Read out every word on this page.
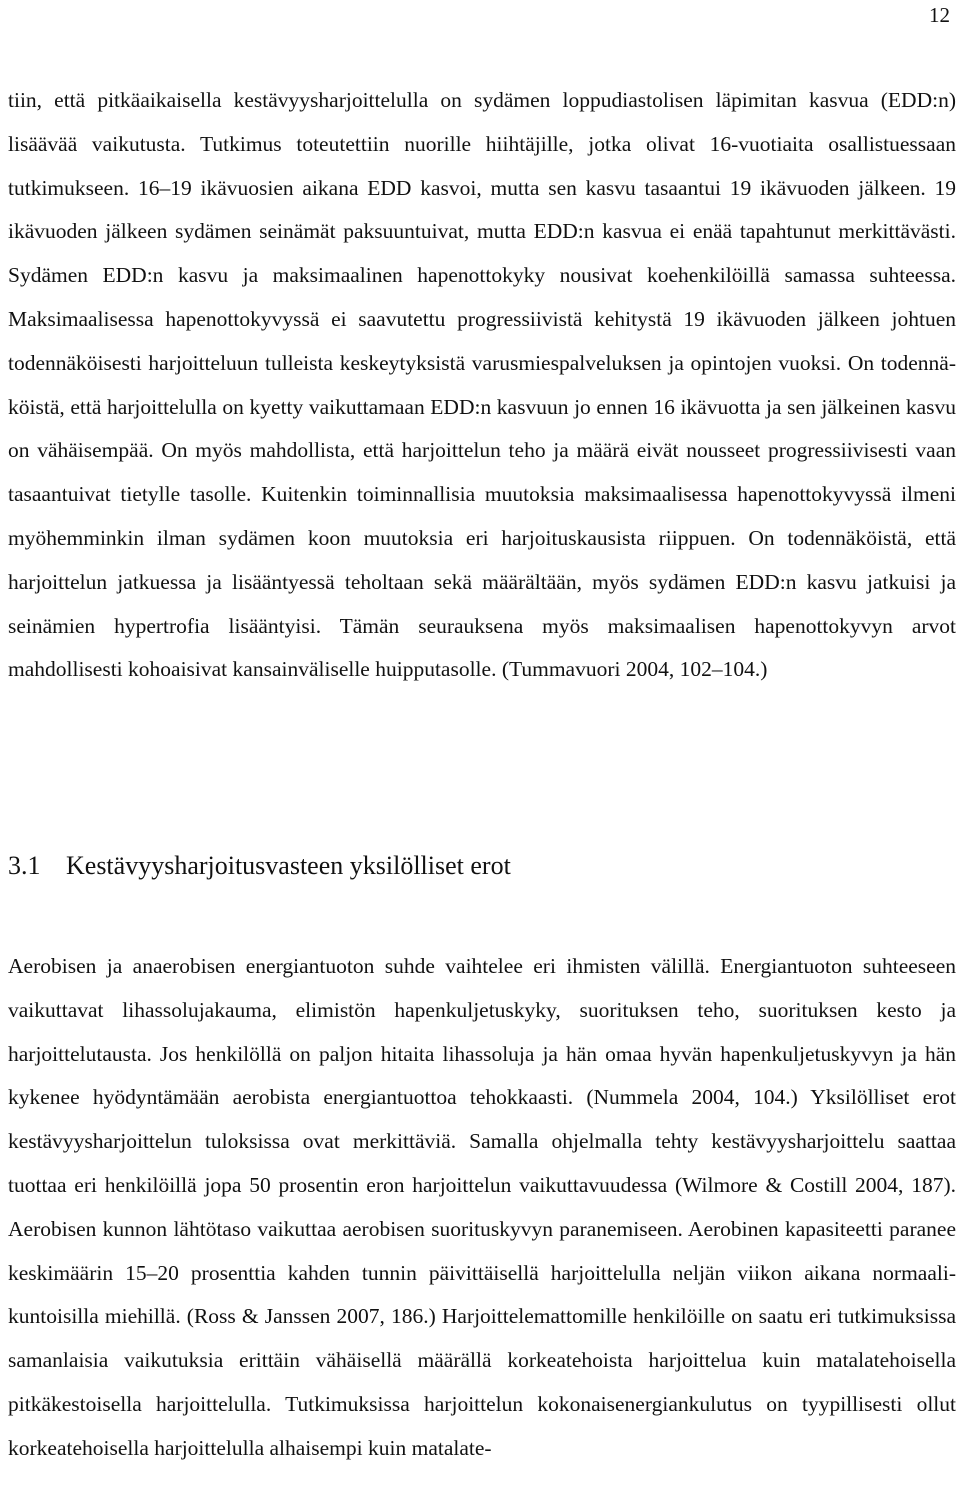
12

tiin, että pitkäaikaisella kestävyysharjoittelulla on sydämen loppudiastolisen läpimitan kasvua (EDD:n) lisäävää vaikutusta. Tutkimus toteutettiin nuorille hiihtäjille, jotka olivat 16-vuotiaita osallistuessaan tutkimukseen. 16–19 ikävuosien aikana EDD kasvoi, mutta sen kasvu tasaantui 19 ikävuoden jälkeen. 19 ikävuoden jälkeen sydämen seinämät paksuuntuivat, mutta EDD:n kasvua ei enää tapahtunut merkittävästi. Sydämen EDD:n kasvu ja maksimaalinen hapenottokyky nousivat koehenkilöillä samassa suhteessa. Maksimaalisessa hapenottokyvyssä ei saavutettu progressiivistä kehitystä 19 ikävuoden jälkeen johtuen todennäköisesti harjoitteluun tulleista keskeytyksistä varusmiespalveluksen ja opintojen vuoksi. On todennäköistä, että harjoittelulla on kyetty vaikuttamaan EDD:n kasvuun jo ennen 16 ikävuotta ja sen jälkeinen kasvu on vähäisempää. On myös mahdollista, että harjoittelun teho ja määrä eivät nousseet progressiivisesti vaan tasaantuivat tietylle tasolle. Kuitenkin toiminnallisia muutoksia maksimaalisessa hapenottokyvyssä ilmeni myöhemminkin ilman sydämen koon muutoksia eri harjoituskausista riippuen. On todennäköistä, että harjoittelun jatkuessa ja lisääntyessä teholtaan sekä määrältään, myös sydämen EDD:n kasvu jatkuisi ja seinämien hypertrofia lisääntyisi. Tämän seurauksena myös maksimaalisen hapenottokyvyn arvot mahdollisesti kohoaisivat kansainväliselle huipputasolle. (Tummavuori 2004, 102–104.)

3.1 Kestävyysharjoitusvasteen yksilölliset erot

Aerobisen ja anaerobisen energiantuoton suhde vaihtelee eri ihmisten välillä. Energiantuoton suhteeseen vaikuttavat lihassolujakauma, elimistön hapenkuljetuskyky, suorituksen teho, suorituksen kesto ja harjoittelutausta. Jos henkilöllä on paljon hitaita lihassoluja ja hän omaa hyvän hapenkuljetuskyvyn ja hän kykenee hyödyntämään aerobista energiantuottoa tehokkaasti. (Nummela 2004, 104.) Yksilölliset erot kestävyysharjoittelun tuloksissa ovat merkittäviä. Samalla ohjelmalla tehty kestävyysharjoittelu saattaa tuottaa eri henkilöillä jopa 50 prosentin eron harjoittelun vaikuttavuudessa (Wilmore & Costill 2004, 187). Aerobisen kunnon lähtötaso vaikuttaa aerobisen suorituskyvyn paranemiseen. Aerobinen kapasiteetti paranee keskimäärin 15–20 prosenttia kahden tunnin päivittäisellä harjoittelulla neljän viikon aikana normaalikuntoisilla miehillä. (Ross & Janssen 2007, 186.) Harjoittelemattomille henkilöille on saatu eri tutkimuksissa samanlaisia vaikutuksia erittäin vähäisellä määrällä korkeatehoista harjoittelua kuin matalatehoisella pitkäkestoisella harjoittelulla. Tutkimuksissa harjoittelun kokonaisenergiankulutus on tyypillisesti ollut korkeatehoisella harjoittelulla alhaisempi kuin matalate-
